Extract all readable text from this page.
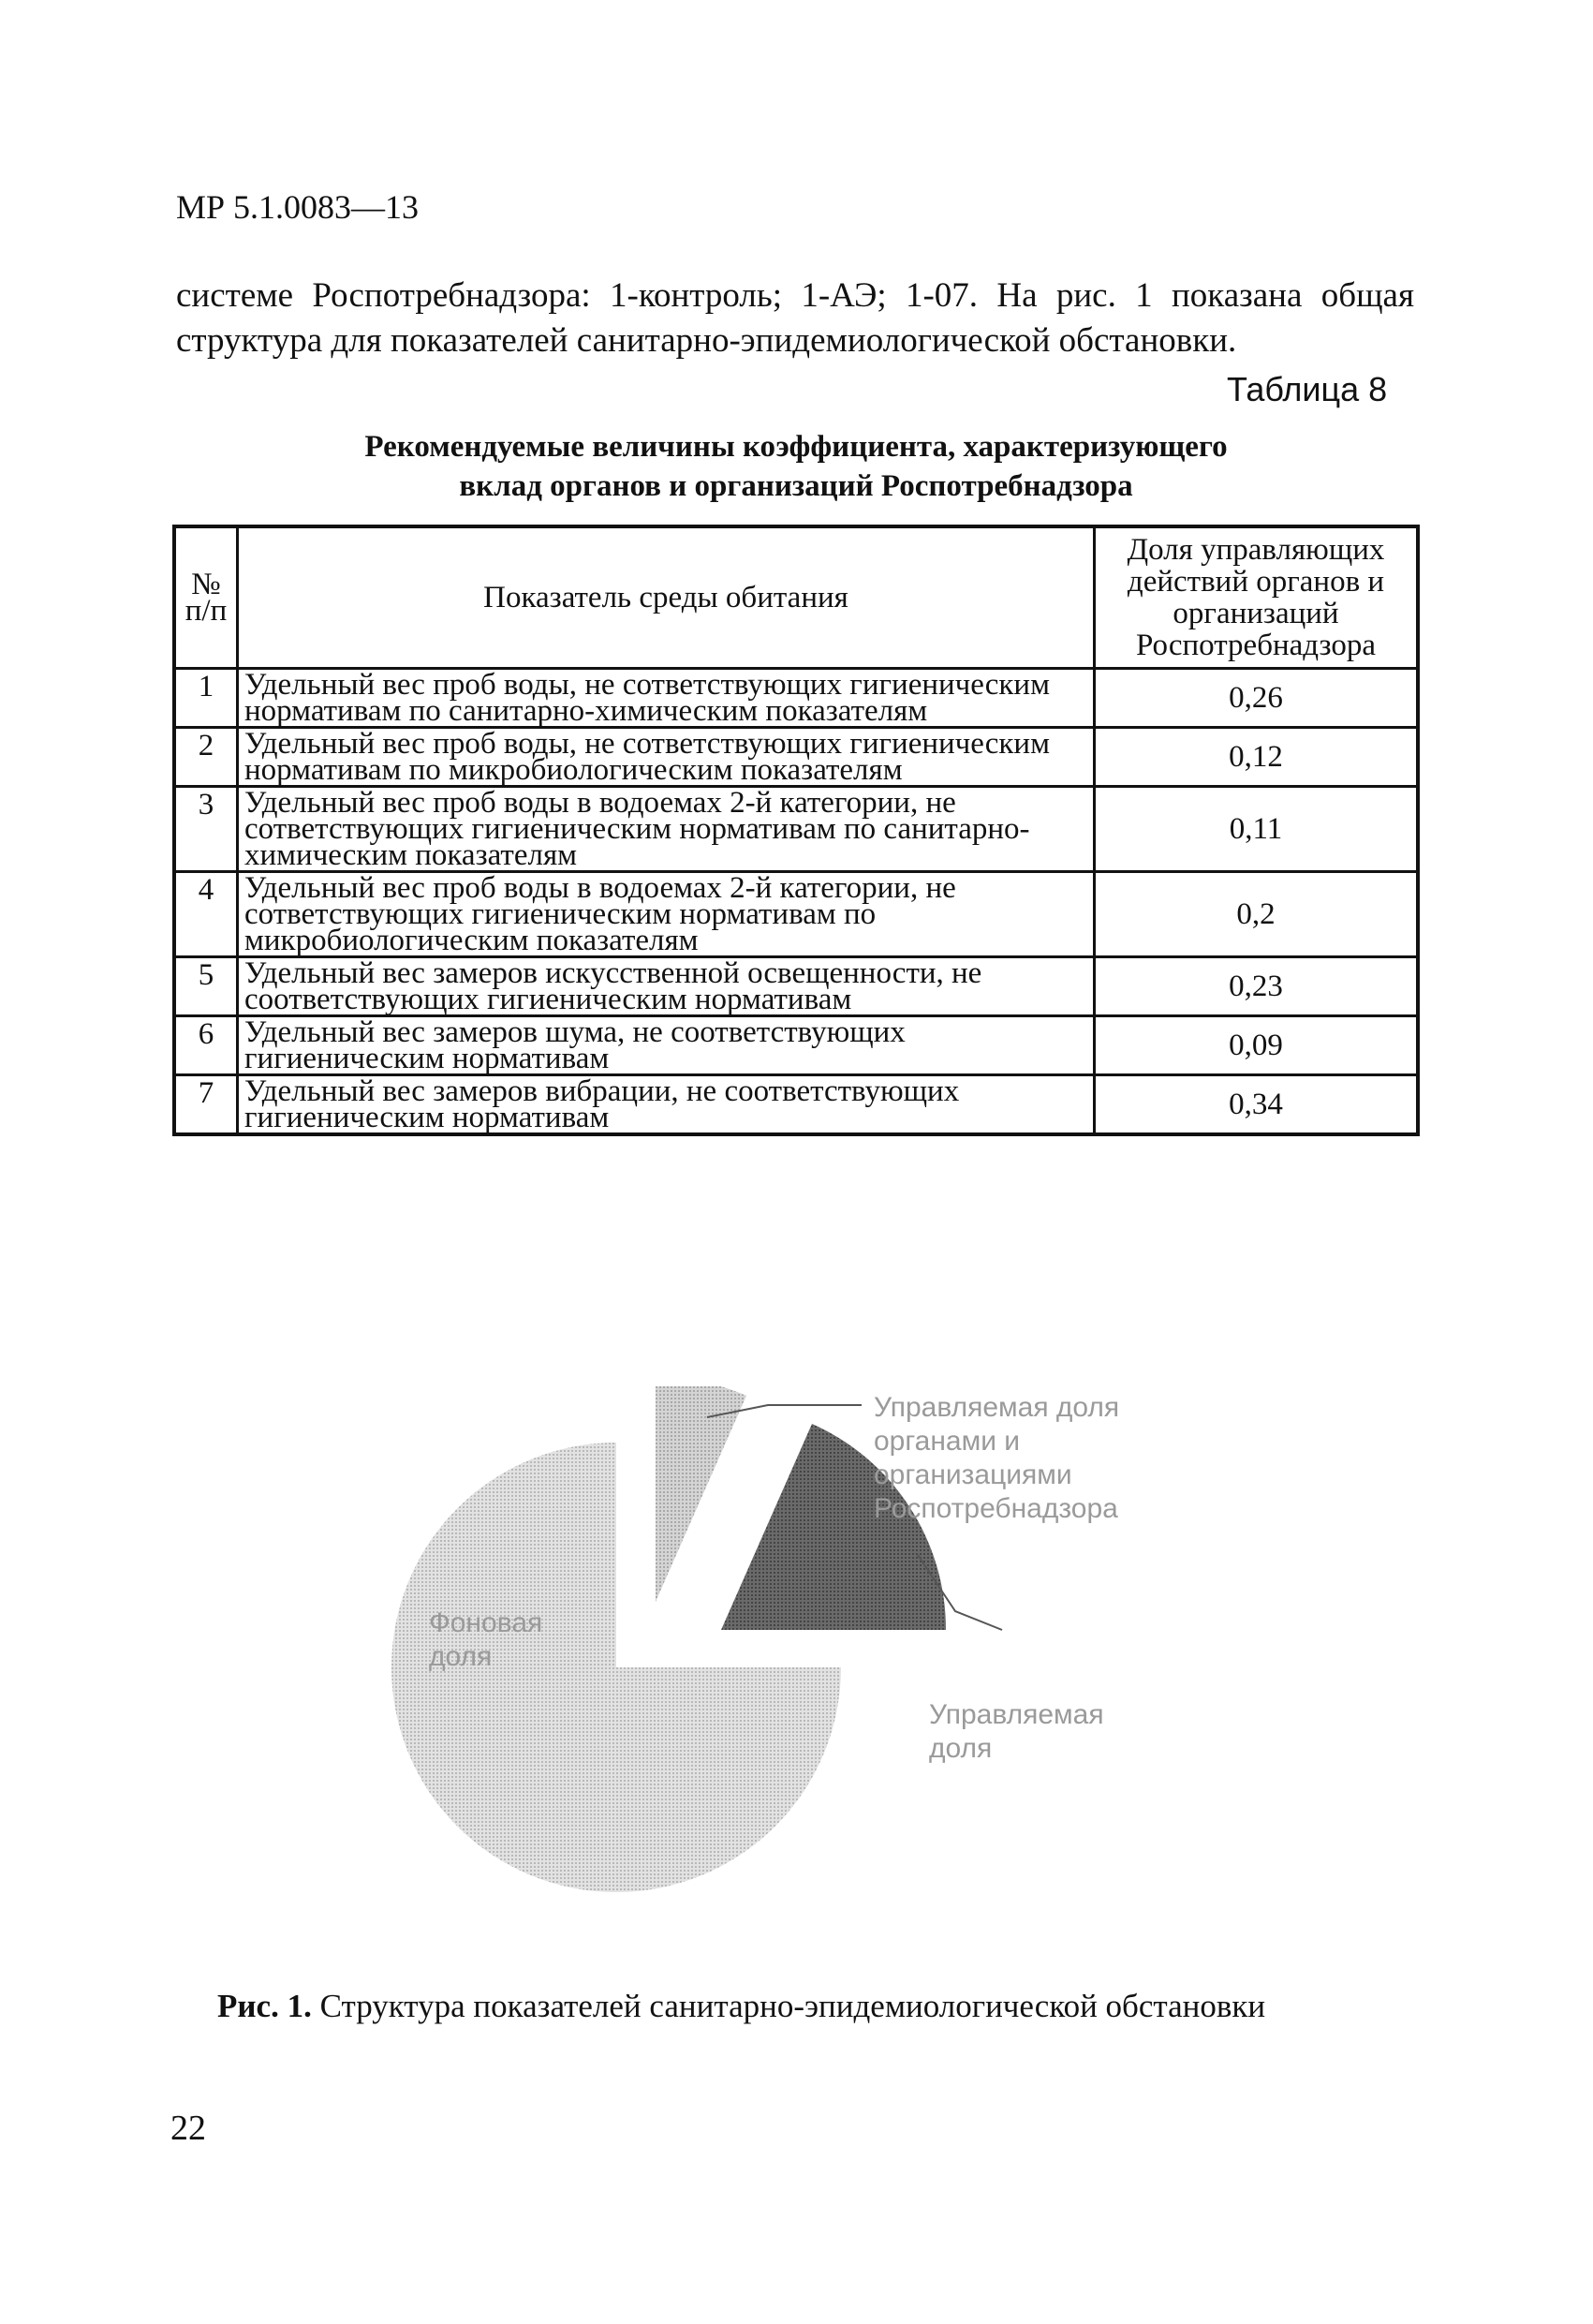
МР 5.1.0083—13
системе Роспотребнадзора: 1-контроль; 1-АЭ; 1-07. На рис. 1 показана общая структура для показателей санитарно-эпидемиологической обстановки.
Таблица 8
Рекомендуемые величины коэффициента, характеризующего
вклад органов и организаций Роспотребнадзора
№ п/п	Показатель среды обитания	Доля управляющих действий органов и организаций Роспотребнадзора
1	Удельный вес проб воды, не сответствующих гигиеническим нормативам по санитарно-химическим показателям	0,26
2	Удельный вес проб воды, не сответствующих гигиеническим нормативам по микробиологическим показателям	0,12
3	Удельный вес проб воды в водоемах 2-й категории, не сответствующих гигиеническим нормативам по санитарно-химическим показателям	0,11
4	Удельный вес проб воды в водоемах 2-й категории, не сответствующих гигиеническим нормативам по микробиологическим показателям	0,2
5	Удельный вес замеров искусственной освещенности, не соответствующих гигиеническим нормативам	0,23
6	Удельный вес замеров шума, не соответствующих гигиеническим нормативам	0,09
7	Удельный вес замеров вибрации, не соответствующих гигиеническим нормативам	0,34
Управляемая доля органами и организациями Роспотребнадзора
Фоновая доля
Управляемая доля
Рис. 1. Структура показателей санитарно-эпидемиологической обстановки
22
